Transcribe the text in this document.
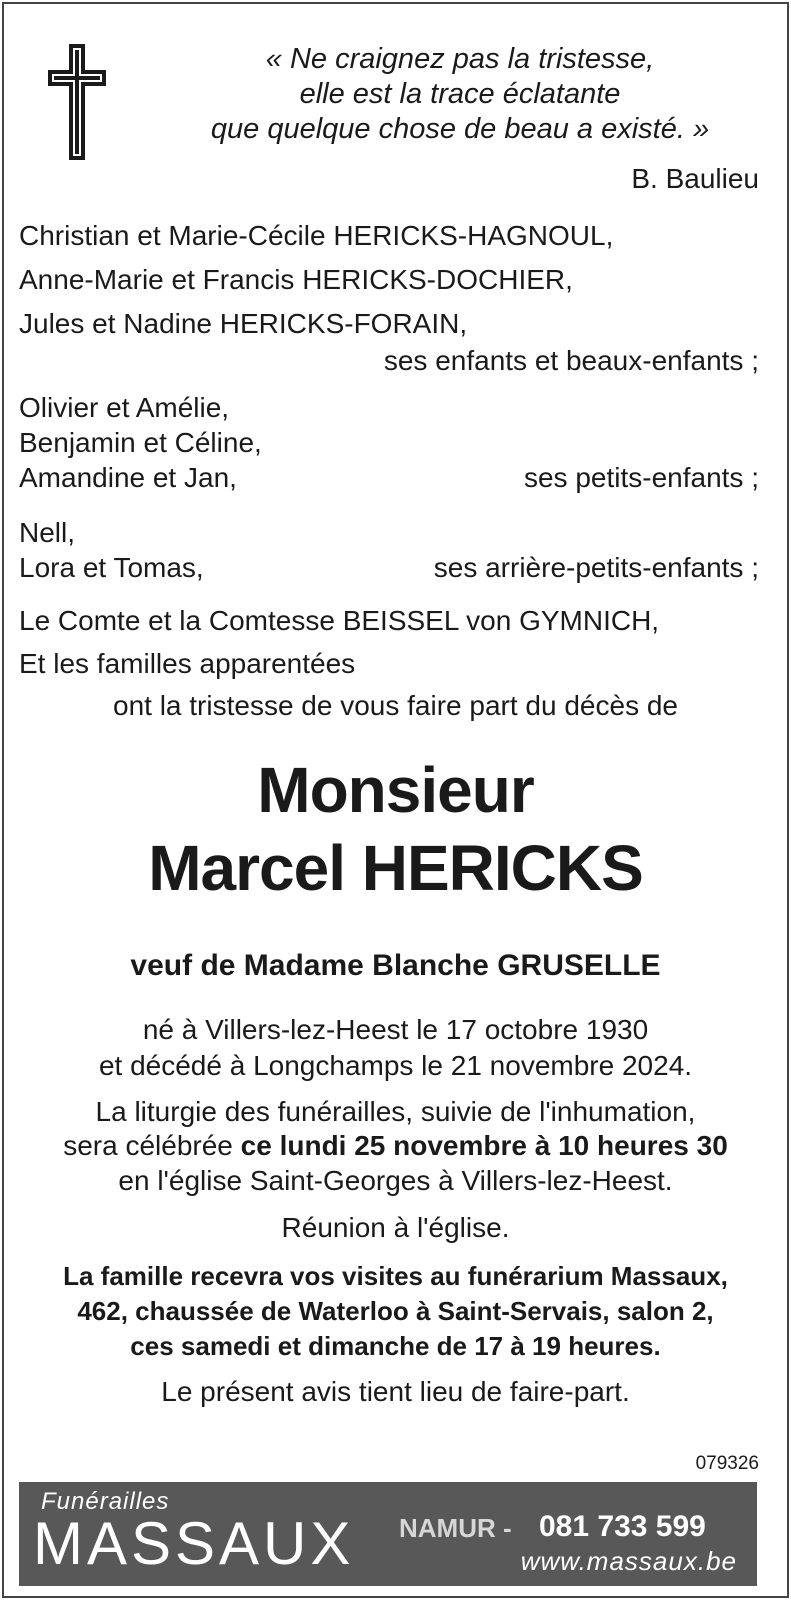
« Ne craignez pas la tristesse,
elle est la trace éclatante
que quelque chose de beau a existé. »
B. Baulieu
Christian et Marie-Cécile HERICKS-HAGNOUL,
Anne-Marie et Francis HERICKS-DOCHIER,
Jules et Nadine HERICKS-FORAIN,
ses enfants et beaux-enfants ;
Olivier et Amélie,
Benjamin et Céline,
Amandine et Jan,	ses petits-enfants ;
Nell,
Lora et Tomas,	ses arrière-petits-enfants ;
Le Comte et la Comtesse BEISSEL von GYMNICH,
Et les familles apparentées
ont la tristesse de vous faire part du décès de
Monsieur
Marcel HERICKS
veuf de Madame Blanche GRUSELLE
né à Villers-lez-Heest le 17 octobre 1930
et décédé à Longchamps le 21 novembre 2024.
La liturgie des funérailles, suivie de l'inhumation,
sera célébrée ce lundi 25 novembre à 10 heures 30
en l'église Saint-Georges à Villers-lez-Heest.
Réunion à l'église.
La famille recevra vos visites au funérarium Massaux,
462, chaussée de Waterloo à Saint-Servais, salon 2,
ces samedi et dimanche de 17 à 19 heures.
Le présent avis tient lieu de faire-part.
079326
Funérailles
MASSAUX NAMUR - 081 733 599
www.massaux.be
